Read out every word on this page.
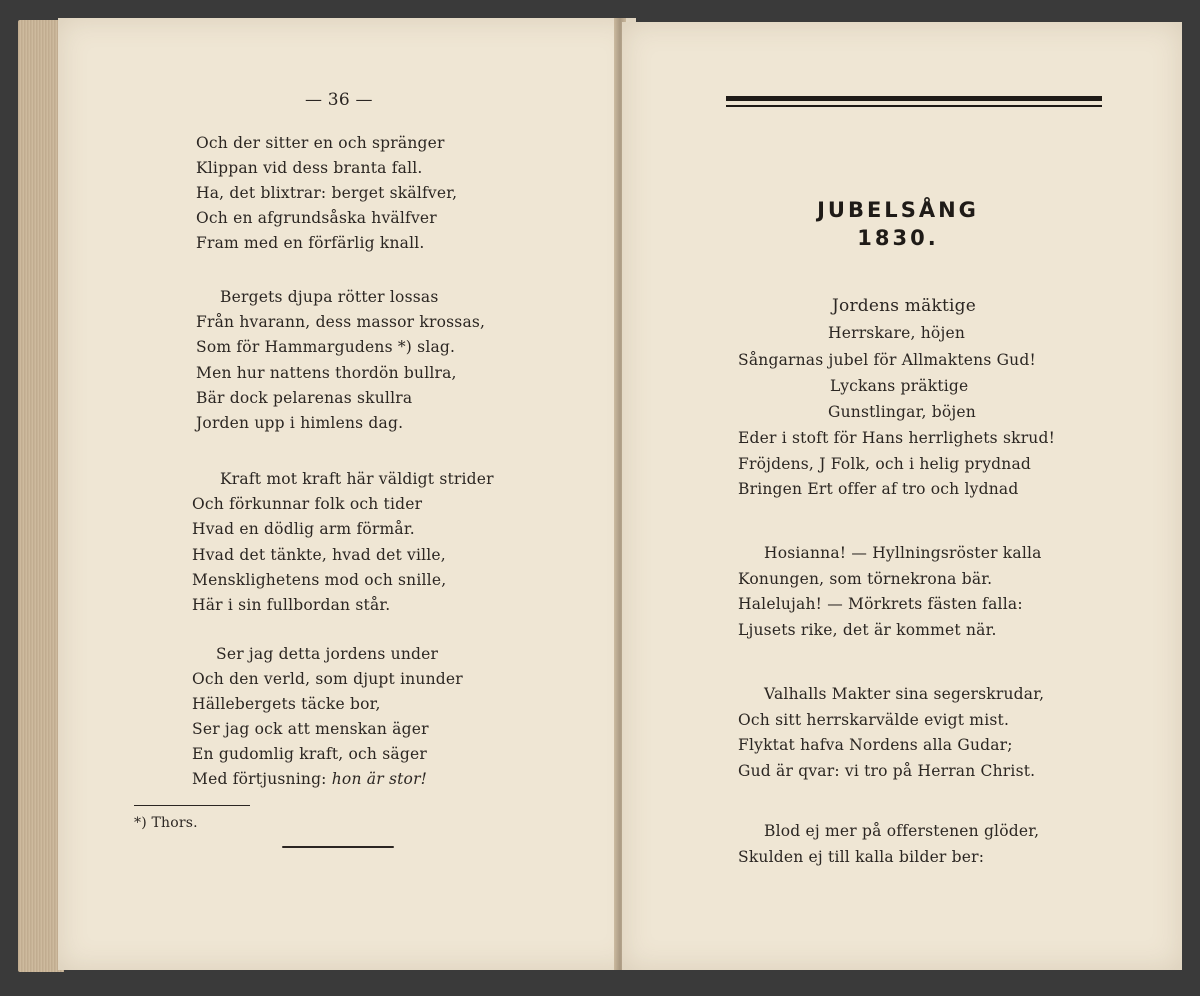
— 36 —
Och der sitter en och spränger
Klippan vid dess branta fall.
Ha, det blixtrar: berget skälfver,
Och en afgrundsåska hvälfver
Fram med en förfärlig knall.
Bergets djupa rötter lossas
Från hvarann, dess massor krossas,
Som för Hammargudens *) slag.
Men hur nattens thordön bullra,
Bär dock pelarenas skullra
Jorden upp i himlens dag.
Kraft mot kraft här väldigt strider
Och förkunnar folk och tider
Hvad en dödlig arm förmår.
Hvad det tänkte, hvad det ville,
Mensklighetens mod och snille,
Här i sin fullbordan står.
Ser jag detta jordens under
Och den verld, som djupt inunder
Hällebergets täcke bor,
Ser jag ock att menskan äger
En gudomlig kraft, och säger
Med förtjusning: hon är stor!
*) Thors.
JUBELSÅNG
1830.
Jordens mäktige
Herrskare, höjen
Sångarnas jubel för Allmaktens Gud!
Lyckans präktige
Gunstlingar, böjen
Eder i stoft för Hans herrlighets skrud!
Fröjdens, J Folk, och i helig prydnad
Bringen Ert offer af tro och lydnad
Hosianna! — Hyllningsröster kalla
Konungen, som törnekrona bär.
Halelujah! — Mörkrets fästen falla:
Ljusets rike, det är kommet när.
Valhalls Makter sina segerskrudar,
Och sitt herrskarvälde evigt mist.
Flyktat hafva Nordens alla Gudar;
Gud är qvar: vi tro på Herran Christ.
Blod ej mer på offerstenen glöder,
Skulden ej till kalla bilder ber:
